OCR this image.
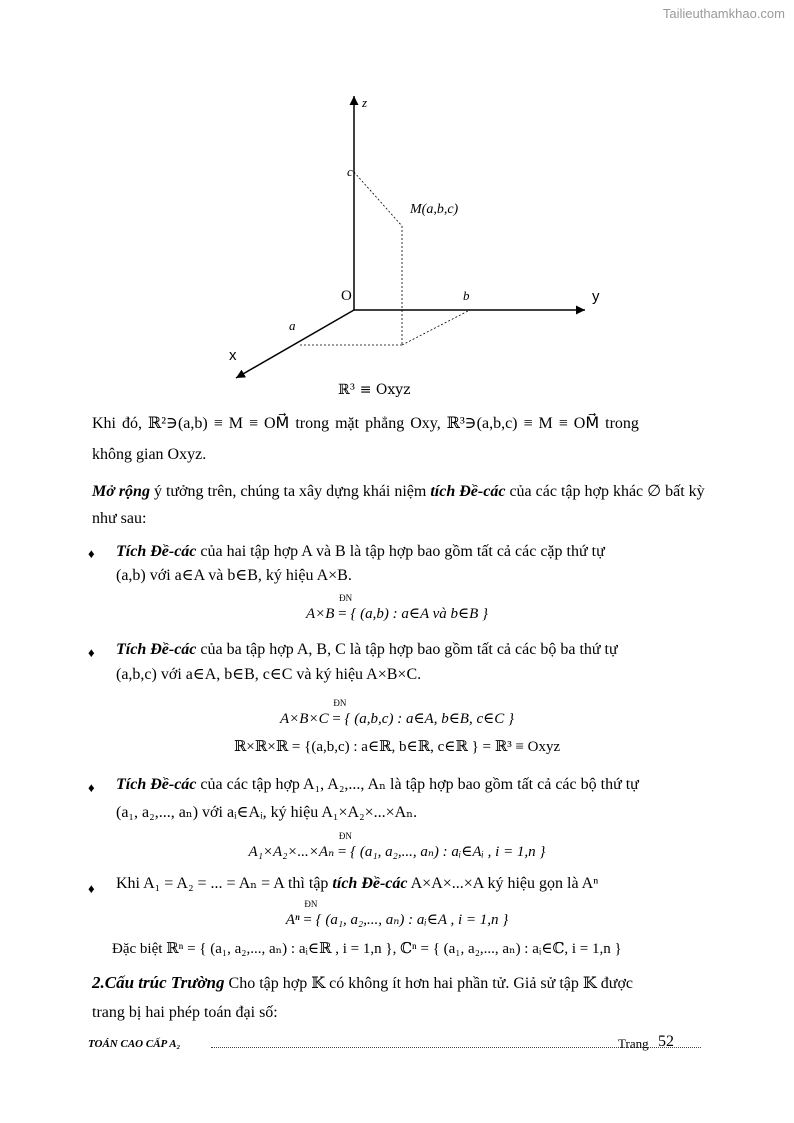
Tailieuthamkhao.com
z
y
x
O
c
b
a
M(a,b,c)
ℝ³ ≡ Oxyz
Khi đó, ℝ²∋(a,b) ≡ M ≡ OM⃗ trong mặt phẳng Oxy, ℝ³∋(a,b,c) ≡ M ≡ OM⃗ trong
không gian Oxyz.
Mở rộng ý tưởng trên, chúng ta xây dựng khái niệm tích Đề-các của các tập hợp khác ∅ bất kỳ như sau:
♦ Tích Đề-các của hai tập hợp A và B là tập hợp bao gồm tất cả các cặp thứ tự
(a,b) với a∈A và b∈B, ký hiệu A×B.
A×B =
ĐN
{ (a,b) : a∈A và b∈B }
♦ Tích Đề-các của ba tập hợp A, B, C là tập hợp bao gồm tất cả các bộ ba thứ tự
(a,b,c) với a∈A, b∈B, c∈C và ký hiệu A×B×C.
A×B×C =
ĐN
{ (a,b,c) : a∈A, b∈B, c∈C }
ℝ×ℝ×ℝ = {(a,b,c) : a∈ℝ, b∈ℝ, c∈ℝ } = ℝ³ ≡ Oxyz
♦ Tích Đề-các của các tập hợp A₁, A₂,..., Aₙ là tập hợp bao gồm tất cả các bộ thứ tự
(a₁, a₂,..., aₙ) với aᵢ∈Aᵢ, ký hiệu A₁×A₂×...×Aₙ.
A₁×A₂×...×Aₙ =
ĐN
{ (a₁, a₂,..., aₙ) : aᵢ∈Aᵢ , i = 1,n }
♦ Khi A₁ = A₂ = ... = Aₙ = A thì tập tích Đề-các A×A×...×A ký hiệu gọn là Aⁿ
Aⁿ =
ĐN
{ (a₁, a₂,..., aₙ) : aᵢ∈A , i = 1,n }
Đặc biệt ℝⁿ = { (a₁, a₂,..., aₙ) : aᵢ∈ℝ , i = 1,n }, ℂⁿ = { (a₁, a₂,..., aₙ) : aᵢ∈ℂ, i = 1,n }
2.Cấu trúc Trường Cho tập hợp 𝕂 có không ít hơn hai phần tử. Giả sử tập 𝕂 được
trang bị hai phép toán đại số:
TOÁN CAO CẤP A₂	Trang 52
